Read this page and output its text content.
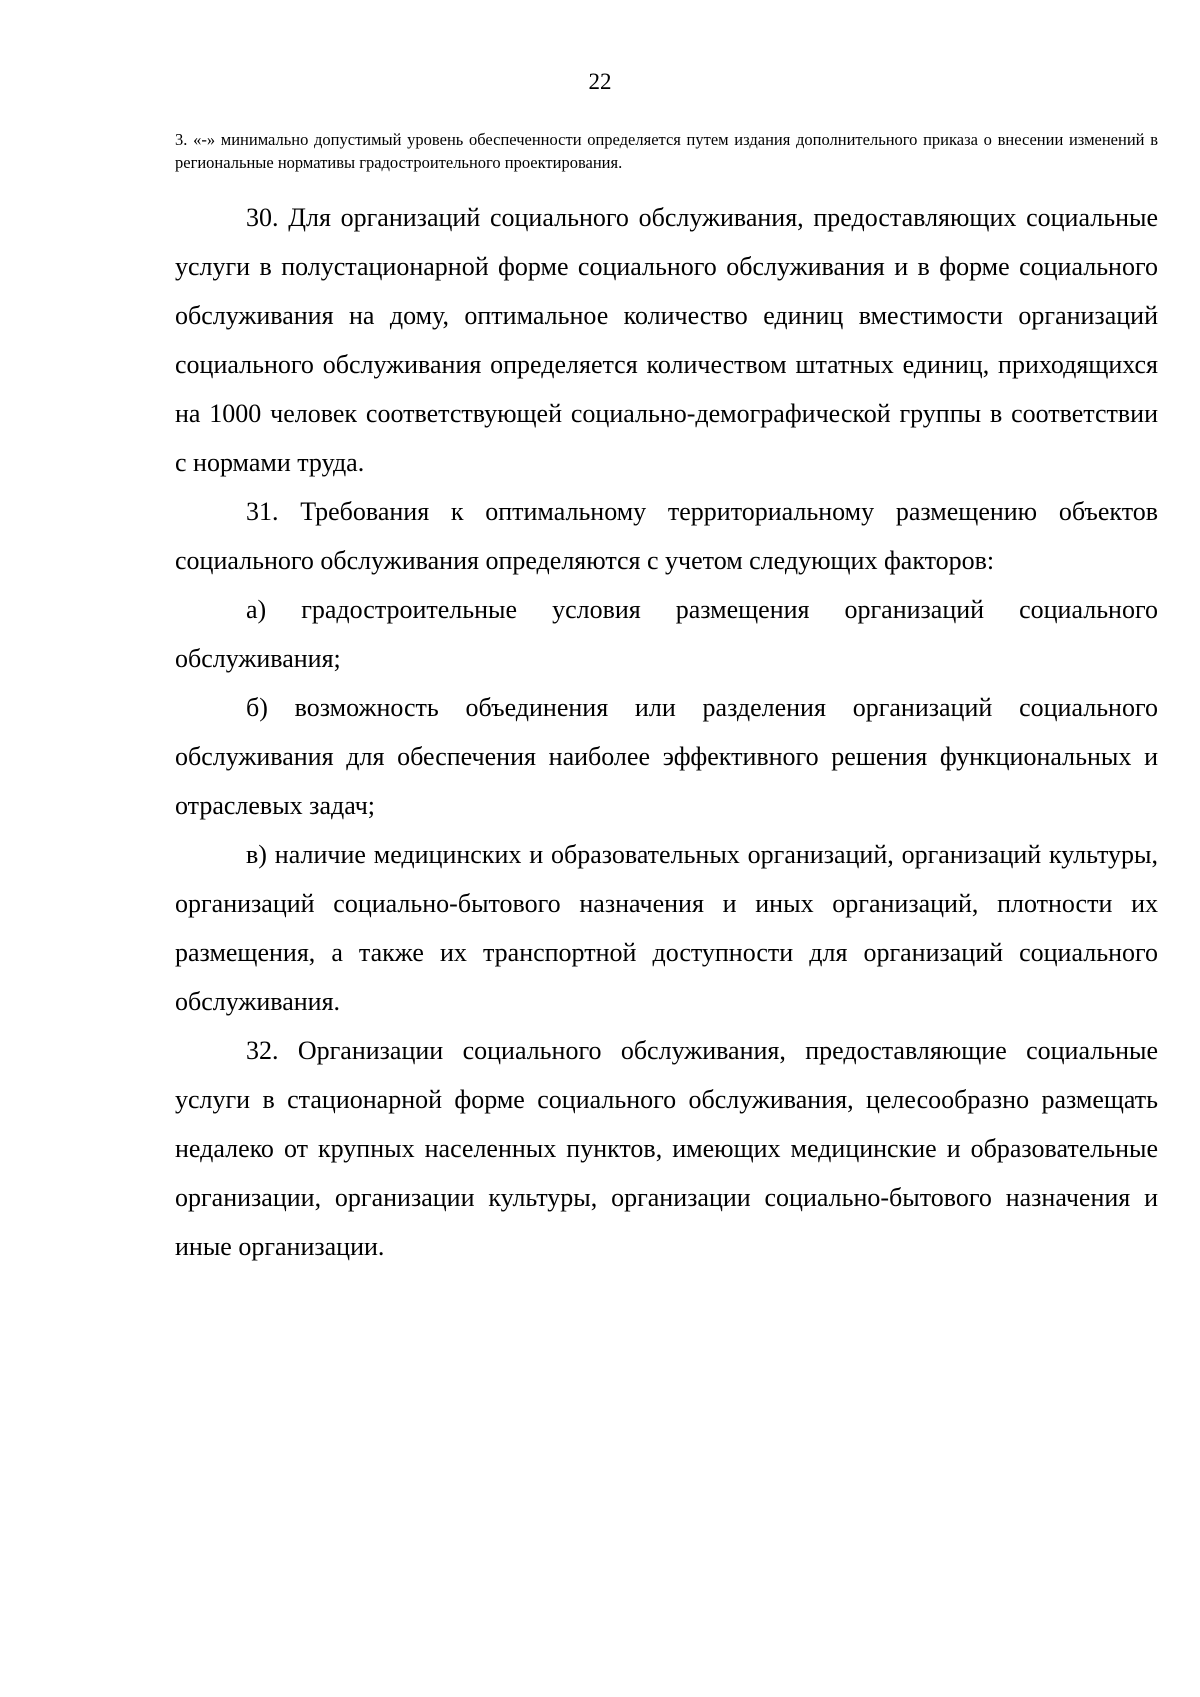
22
3. «-» минимально допустимый уровень обеспеченности определяется путем издания дополнительного приказа о внесении изменений в региональные нормативы градостроительного проектирования.

30. Для организаций социального обслуживания, предоставляющих социальные услуги в полустационарной форме социального обслуживания и в форме социального обслуживания на дому, оптимальное количество единиц вместимости организаций социального обслуживания определяется количеством штатных единиц, приходящихся на 1000 человек соответствующей социально-демографической группы в соответствии с нормами труда.

31. Требования к оптимальному территориальному размещению объектов социального обслуживания определяются с учетом следующих факторов:

а) градостроительные условия размещения организаций социального обслуживания;

б) возможность объединения или разделения организаций социального обслуживания для обеспечения наиболее эффективного решения функциональных и отраслевых задач;

в) наличие медицинских и образовательных организаций, организаций культуры, организаций социально-бытового назначения и иных организаций, плотности их размещения, а также их транспортной доступности для организаций социального обслуживания.

32. Организации социального обслуживания, предоставляющие социальные услуги в стационарной форме социального обслуживания, целесообразно размещать недалеко от крупных населенных пунктов, имеющих медицинские и образовательные организации, организации культуры, организации социально-бытового назначения и иные организации.
